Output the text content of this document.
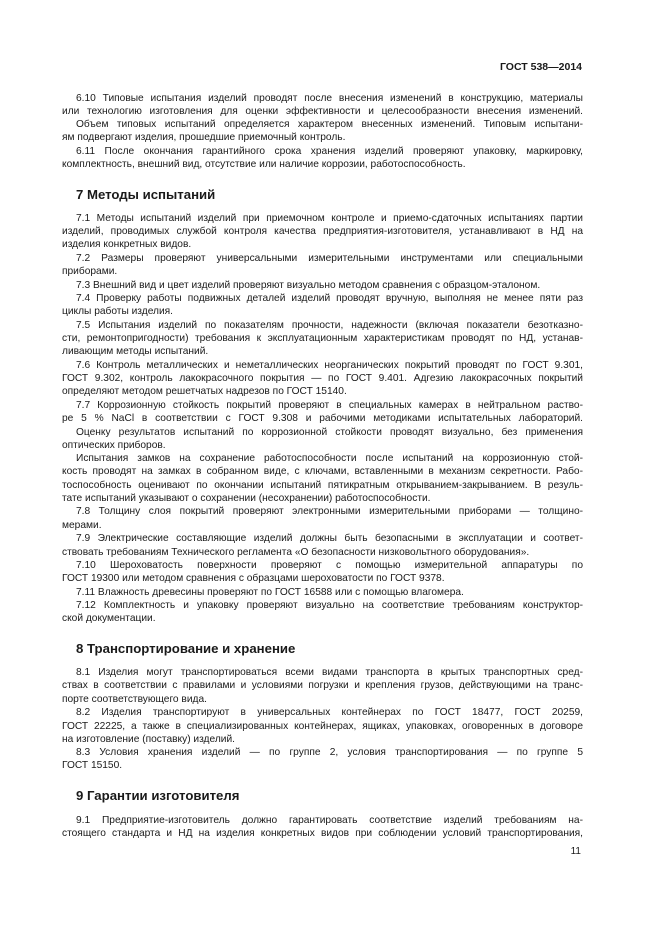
ГОСТ 538—2014
6.10 Типовые испытания изделий проводят после внесения изменений в конструкцию, материалы
или технологию изготовления для оценки эффективности и целесообразности внесения изменений.
Объем типовых испытаний определяется характером внесенных изменений. Типовым испытани-
ям подвергают изделия, прошедшие приемочный контроль.
6.11 После окончания гарантийного срока хранения изделий проверяют упаковку, маркировку,
комплектность, внешний вид, отсутствие или наличие коррозии, работоспособность.
7 Методы испытаний
7.1 Методы испытаний изделий при приемочном контроле и приемо-сдаточных испытаниях партии
изделий, проводимых службой контроля качества предприятия-изготовителя, устанавливают в НД на
изделия конкретных видов.
7.2 Размеры проверяют универсальными измерительными инструментами или специальными
приборами.
7.3 Внешний вид и цвет изделий проверяют визуально методом сравнения с образцом-эталоном.
7.4 Проверку работы подвижных деталей изделий проводят вручную, выполняя не менее пяти раз
циклы работы изделия.
7.5 Испытания изделий по показателям прочности, надежности (включая показатели безотказно-
сти, ремонтопригодности) требования к эксплуатационным характеристикам проводят по НД, устанав-
ливающим методы испытаний.
7.6 Контроль металлических и неметаллических неорганических покрытий проводят по ГОСТ 9.301,
ГОСТ 9.302, контроль лакокрасочного покрытия — по ГОСТ 9.401. Адгезию лакокрасочных покрытий
определяют методом решетчатых надрезов по ГОСТ 15140.
7.7 Коррозионную стойкость покрытий проверяют в специальных камерах в нейтральном раство-
ре 5 % NaCl в соответствии с ГОСТ 9.308 и рабочими методиками испытательных лабораторий.
Оценку результатов испытаний по коррозионной стойкости проводят визуально, без применения
оптических приборов.
Испытания замков на сохранение работоспособности после испытаний на коррозионную стой-
кость проводят на замках в собранном виде, с ключами, вставленными в механизм секретности. Рабо-
тоспособность оценивают по окончании испытаний пятикратным открыванием-закрыванием. В резуль-
тате испытаний указывают о сохранении (несохранении) работоспособности.
7.8 Толщину слоя покрытий проверяют электронными измерительными приборами — толщино-
мерами.
7.9 Электрические составляющие изделий должны быть безопасными в эксплуатации и соответ-
ствовать требованиям Технического регламента «О безопасности низковольтного оборудования».
7.10 Шероховатость поверхности проверяют с помощью измерительной аппаратуры по
ГОСТ 19300 или методом сравнения с образцами шероховатости по ГОСТ 9378.
7.11 Влажность древесины проверяют по ГОСТ 16588 или с помощью влагомера.
7.12 Комплектность и упаковку проверяют визуально на соответствие требованиям конструктор-
ской документации.
8 Транспортирование и хранение
8.1 Изделия могут транспортироваться всеми видами транспорта в крытых транспортных сред-
ствах в соответствии с правилами и условиями погрузки и крепления грузов, действующими на транс-
порте соответствующего вида.
8.2 Изделия транспортируют в универсальных контейнерах по ГОСТ 18477, ГОСТ 20259,
ГОСТ 22225, а также в специализированных контейнерах, ящиках, упаковках, оговоренных в договоре
на изготовление (поставку) изделий.
8.3 Условия хранения изделий — по группе 2, условия транспортирования — по группе 5
ГОСТ 15150.
9 Гарантии изготовителя
9.1 Предприятие-изготовитель должно гарантировать соответствие изделий требованиям на-
стоящего стандарта и НД на изделия конкретных видов при соблюдении условий транспортирования,
11
